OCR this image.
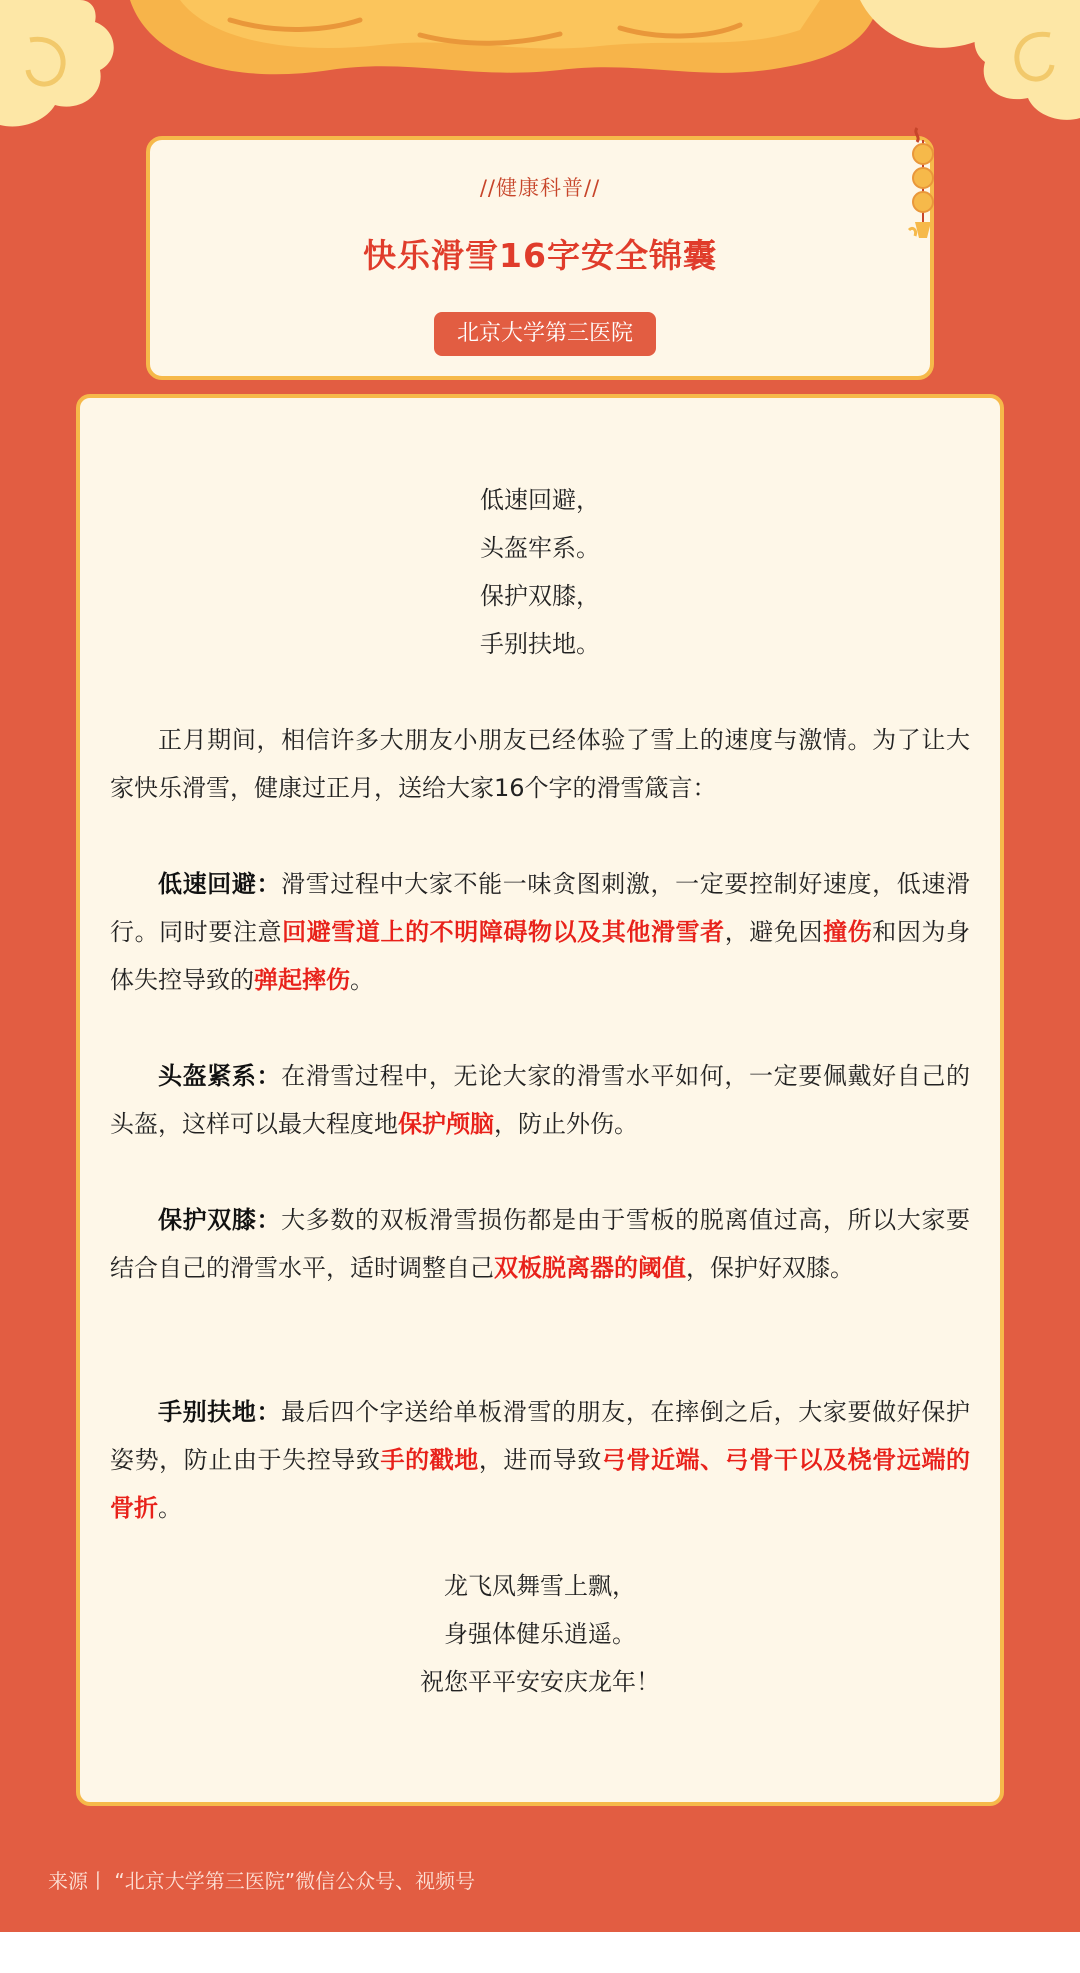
//健康科普//
快乐滑雪16字安全锦囊
北京大学第三医院
低速回避，
头盔牢系。
保护双膝，
手别扶地。

正月期间，相信许多大朋友小朋友已经体验了雪上的速度与激情。为了让大家快乐滑雪，健康过正月，送给大家16个字的滑雪箴言：

低速回避：滑雪过程中大家不能一味贪图刺激，一定要控制好速度，低速滑行。同时要注意回避雪道上的不明障碍物以及其他滑雪者，避免因撞伤和因为身体失控导致的弹起摔伤。

头盔紧系：在滑雪过程中，无论大家的滑雪水平如何，一定要佩戴好自己的头盔，这样可以最大程度地保护颅脑，防止外伤。

保护双膝：大多数的双板滑雪损伤都是由于雪板的脱离值过高，所以大家要结合自己的滑雪水平，适时调整自己双板脱离器的阈值，保护好双膝。

手别扶地：最后四个字送给单板滑雪的朋友，在摔倒之后，大家要做好保护姿势，防止由于失控导致手的戳地，进而导致弓骨近端、弓骨干以及桡骨远端的骨折。

龙飞凤舞雪上飘，
身强体健乐逍遥。
祝您平平安安庆龙年！
来源丨 “北京大学第三医院”微信公众号、视频号
